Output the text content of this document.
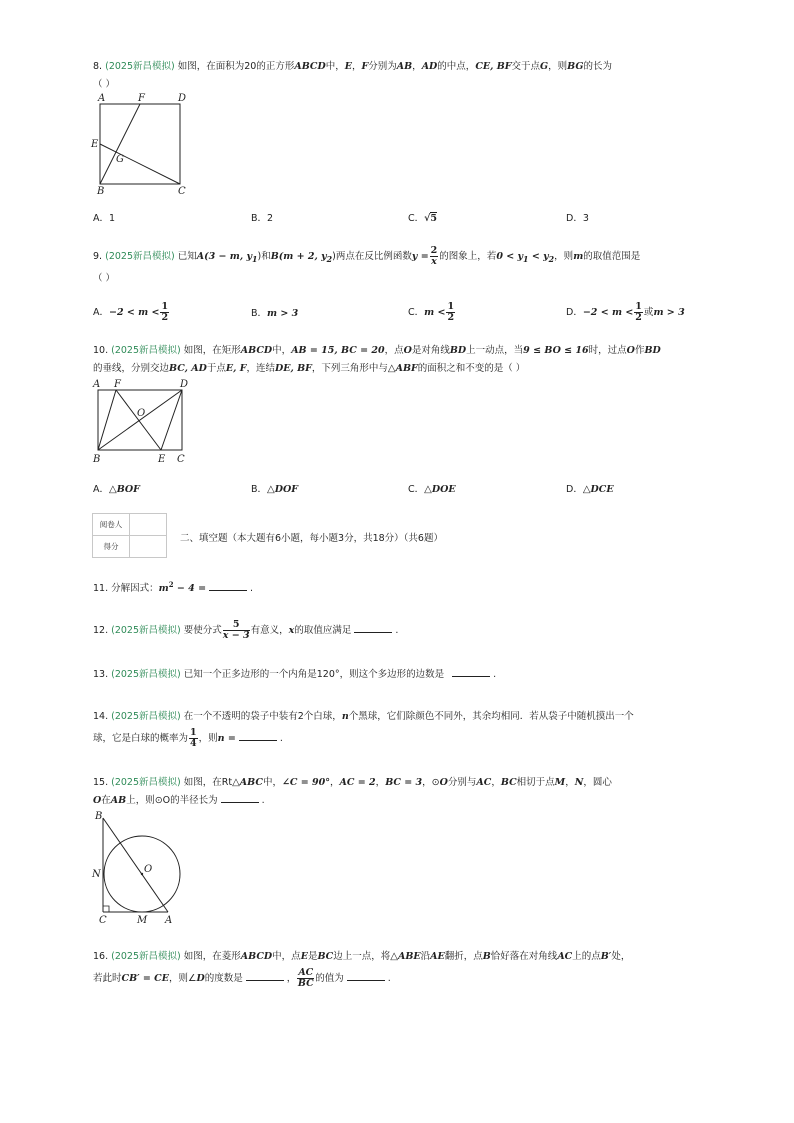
8. (2025新昌模拟) 如图，在面积为20的正方形ABCD中，E，F分别为AB，AD的中点，CE, BF交于点G，则BG的长为
（ ）
A	F	D
E
G
B	C
A．1	B．2	C．√5	D．3
9. (2025新昌模拟) 已知A(3 − m, $y_1$)和B(m + 2, $y_2$)两点在反比例函数$y = \frac{2}{x}$ 的图象上，若$0 < y_1 < y_2$，则m的取值范围是
（ ）
A．$-2 < m < \frac{1}{2}$	B．m > 3	C．$m < \frac{1}{2}$	D．$-2 < m < \frac{1}{2}$ 或m > 3
10. (2025新昌模拟) 如图，在矩形ABCD中，AB = 15, BC = 20，点O是对角线BD上一动点，当9 ≤ BO ≤ 16时，过点O作BD
的垂线，分别交边BC, AD于点E, F，连结DE, BF，下列三角形中与△ABF的面积之和不变的是（ ）
A F	D
O
B	E C
A．△BOF	B．△DOF	C．△DOE	D．△DCE
阅卷人	
得分	
二、填空题（本大题有6小题，每小题3分，共18分）（共6题）
11. 分解因式：$m^2 - 4$ =	.
12. (2025新昌模拟) 要使分式 $\frac{5}{x - 3}$ 有意义，x的取值应满足	.
13. (2025新昌模拟) 已知一个正多边形的一个内角是120°，则这个多边形的边数是	.
14. (2025新昌模拟) 在一个不透明的袋子中装有2个白球，n个黑球，它们除颜色不同外，其余均相同．若从袋子中随机摸出一个
球，它是白球的概率为 $\frac{1}{4}$ ，则n =	.
15. (2025新昌模拟) 如图，在Rt△ABC中，∠C = 90°，AC = 2，BC = 3，⊙O分别与AC，BC相切于点M，N，圆心
O在AB上，则⊙O的半径长为	.
B
N	O
C	M A
16. (2025新昌模拟) 如图，在菱形ABCD中，点E是BC边上一点，将△ABE沿AE翻折，点B恰好落在对角线AC上的点B′处，
若此时CB′ = CE，则∠D的度数是	， $\frac{AC}{BC}$ 的值为	.
